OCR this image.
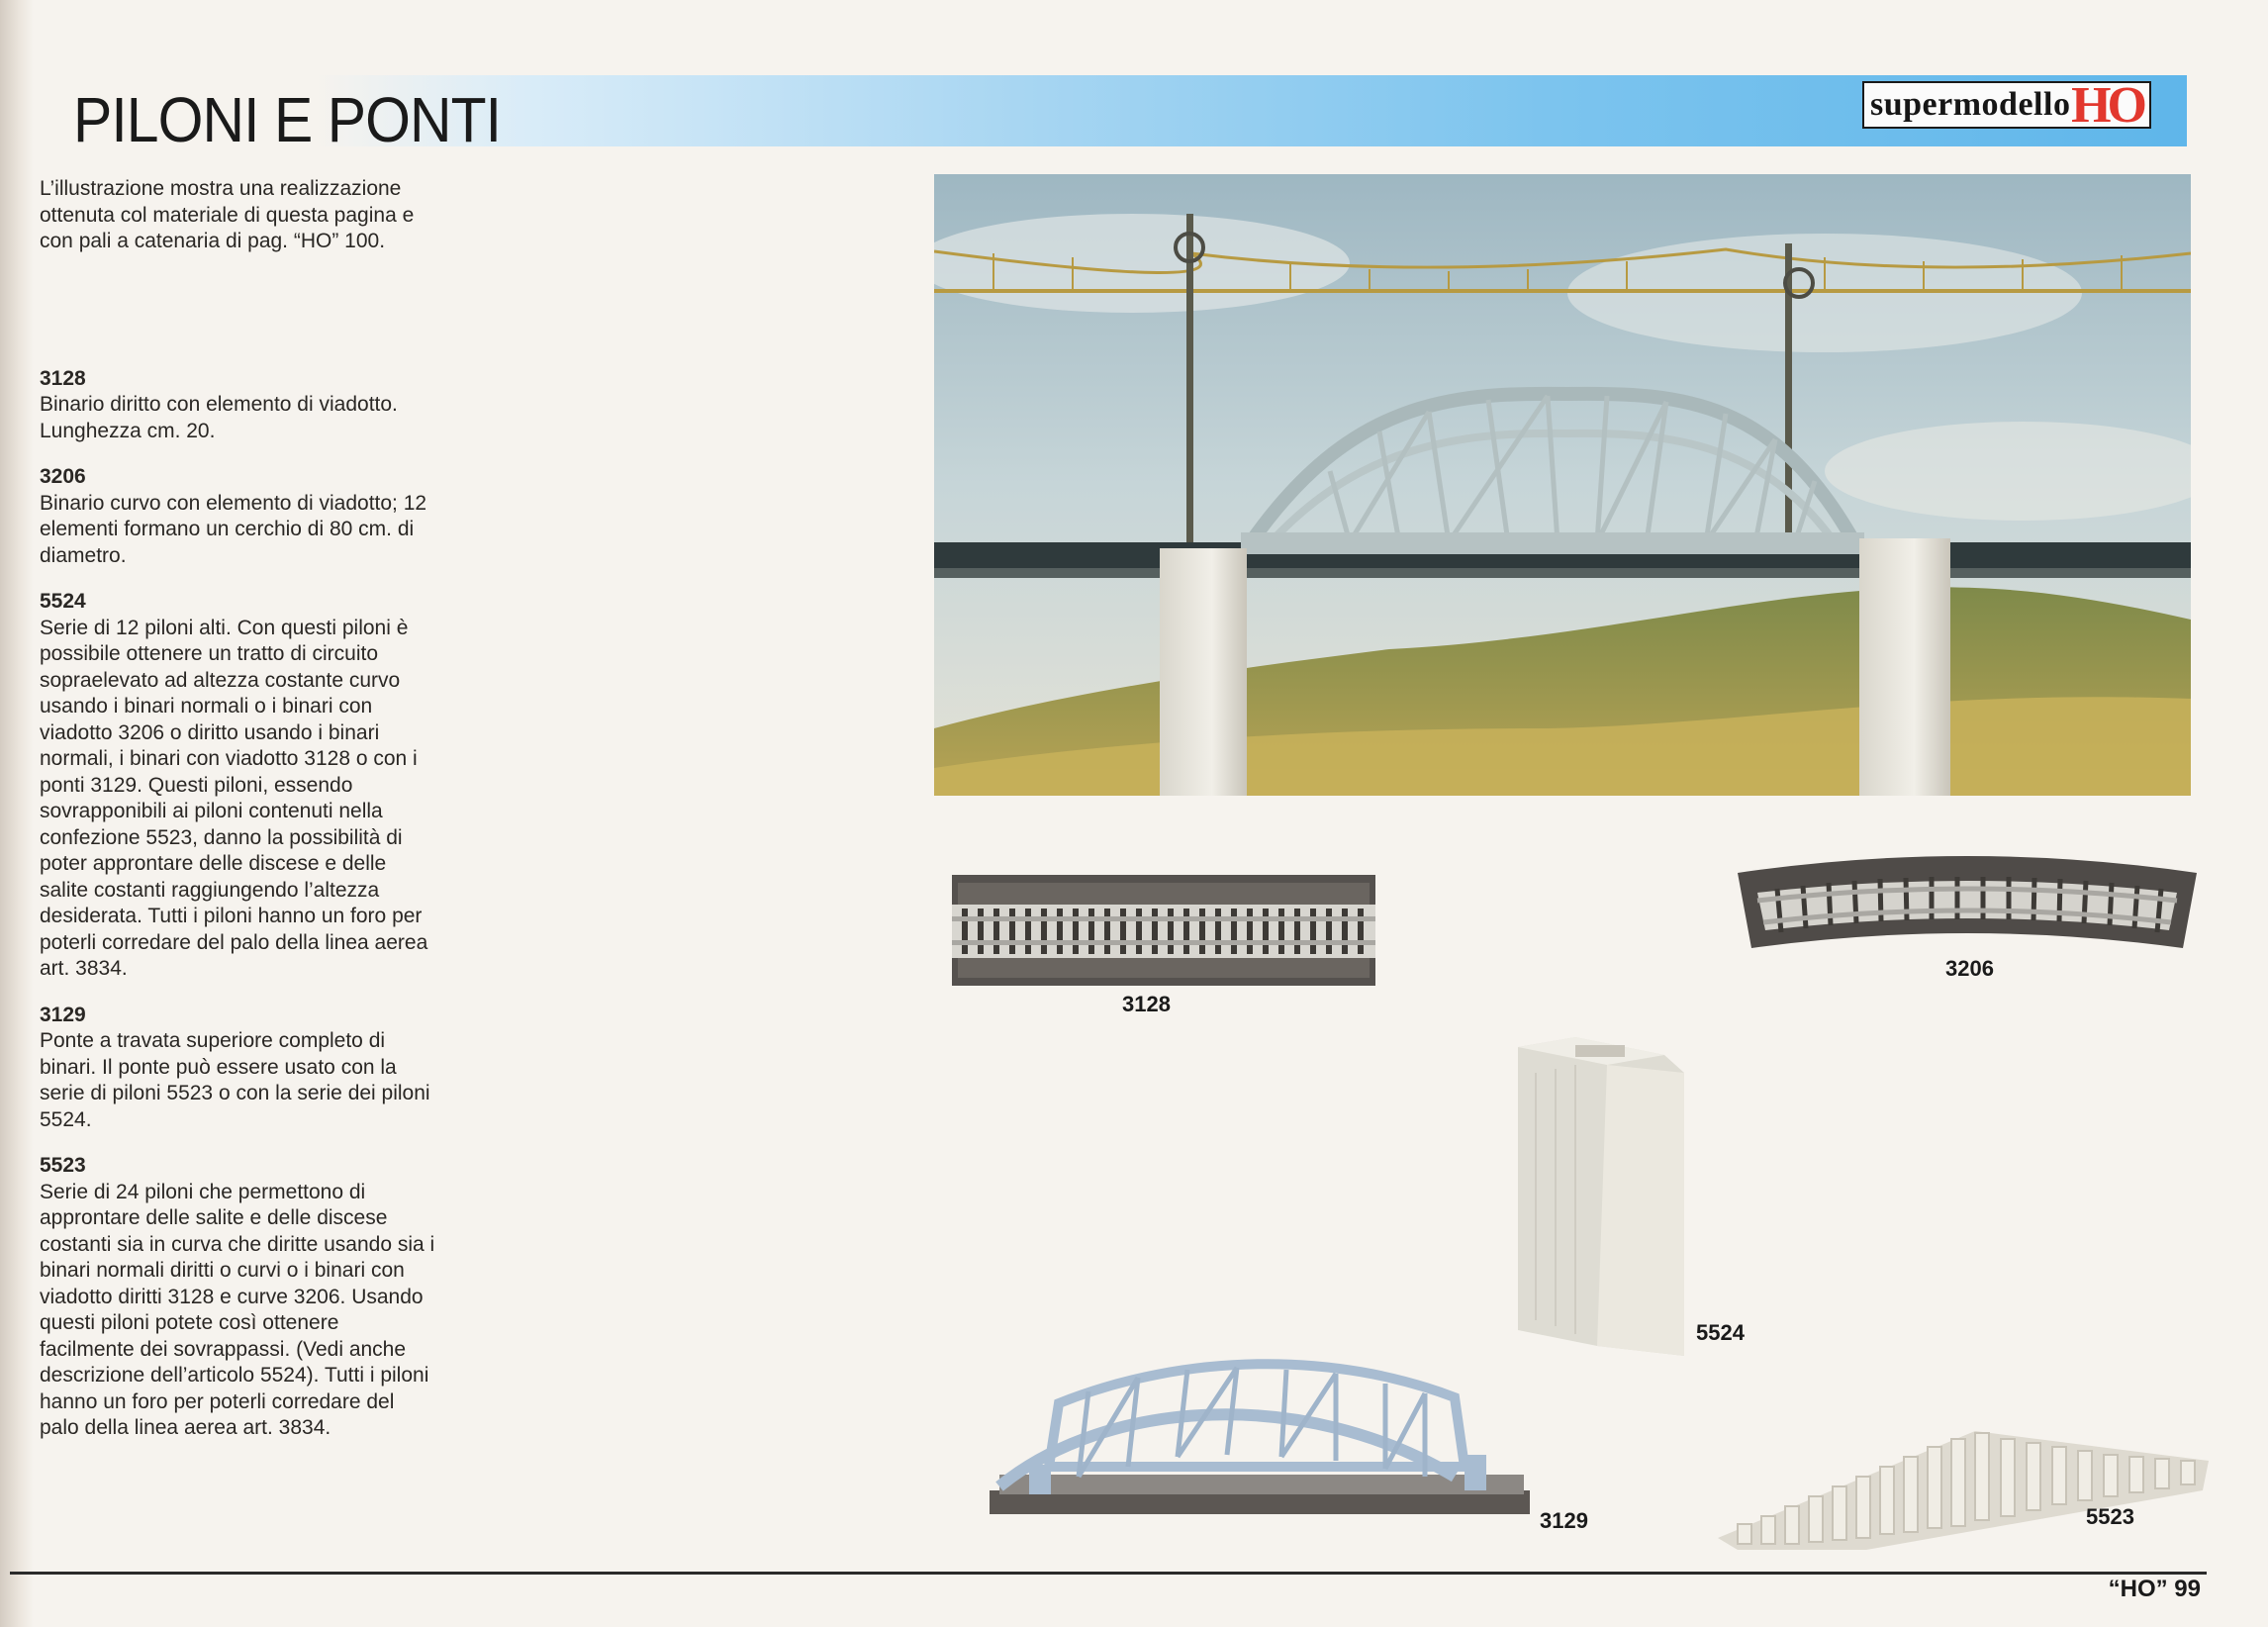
PILONI E PONTI	HO
supermodello

L’illustrazione mostra una realizzazione ottenuta col materiale di questa pagina e con pali a catenaria di pag. “HO” 100.

3128
Binario diritto con elemento di viadotto. Lunghezza cm. 20.
3206
Binario curvo con elemento di viadotto; 12 elementi formano un cerchio di 80 cm. di diametro.
5524
Serie di 12 piloni alti. Con questi piloni è possibile ottenere un tratto di circuito sopraelevato ad altezza costante curvo usando i binari normali o i binari con viadotto 3206 o diritto usando i binari normali, i binari con viadotto 3128 o con i ponti 3129. Questi piloni, essendo sovrapponibili ai piloni contenuti nella confezione 5523, danno la possibilità di poter approntare delle discese e delle salite costanti raggiungendo l’altezza desiderata. Tutti i piloni hanno un foro per poterli corredare del palo della linea aerea art. 3834.
3129
Ponte a travata superiore completo di binari. Il ponte può essere usato con la serie di piloni 5523 o con la serie dei piloni 5524.
5523
Serie di 24 piloni che permettono di approntare delle salite e delle discese costanti sia in curva che diritte usando sia i binari normali diritti o curvi o i binari con viadotto diritti 3128 e curve 3206. Usando questi piloni potete così ottenere facilmente dei sovrappassi. (Vedi anche descrizione dell’articolo 5524). Tutti i piloni hanno un foro per poterli corredare del palo della linea aerea art. 3834.
3128
3206
5524
3129	5523
“HO” 99
